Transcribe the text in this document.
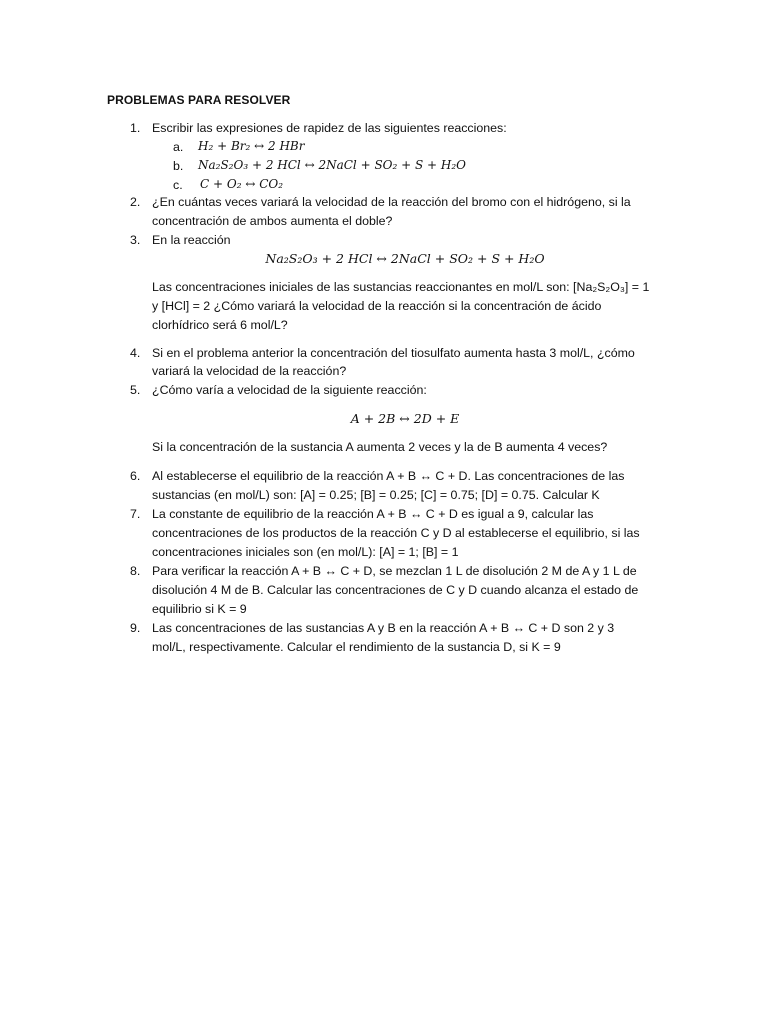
PROBLEMAS PARA RESOLVER
1. Escribir las expresiones de rapidez de las siguientes reacciones:
a. H₂ + Br₂ ↔ 2 HBr
b. Na₂S₂O₃ + 2 HCl ↔ 2NaCl + SO₂ + S + H₂O
c. C + O₂ ↔ CO₂
2. ¿En cuántas veces variará la velocidad de la reacción del bromo con el hidrógeno, si la
concentración de ambos aumenta el doble?
3. En la reacción
Na₂S₂O₃ + 2 HCl ↔ 2NaCl + SO₂ + S + H₂O
Las concentraciones iniciales de las sustancias reaccionantes en mol/L son: [Na₂S₂O₃] = 1
y [HCl] = 2 ¿Cómo variará la velocidad de la reacción si la concentración de ácido
clorhídrico será 6 mol/L?
4. Si en el problema anterior la concentración del tiosulfato aumenta hasta 3 mol/L, ¿cómo
variará la velocidad de la reacción?
5. ¿Cómo varía a velocidad de la siguiente reacción:
A + 2B ↔ 2D + E
Si la concentración de la sustancia A aumenta 2 veces y la de B aumenta 4 veces?
6. Al establecerse el equilibrio de la reacción A + B ↔ C + D. Las concentraciones de las
sustancias (en mol/L) son: [A] = 0.25; [B] = 0.25; [C] = 0.75; [D] = 0.75. Calcular K
7. La constante de equilibrio de la reacción A + B ↔ C + D es igual a 9, calcular las
concentraciones de los productos de la reacción C y D al establecerse el equilibrio, si las
concentraciones iniciales son (en mol/L): [A] = 1; [B] = 1
8. Para verificar la reacción A + B ↔ C + D, se mezclan 1 L de disolución 2 M de A y 1 L de
disolución 4 M de B. Calcular las concentraciones de C y D cuando alcanza el estado de
equilibrio si K = 9
9. Las concentraciones de las sustancias A y B en la reacción A + B ↔ C + D son 2 y 3
mol/L, respectivamente. Calcular el rendimiento de la sustancia D, si K = 9
